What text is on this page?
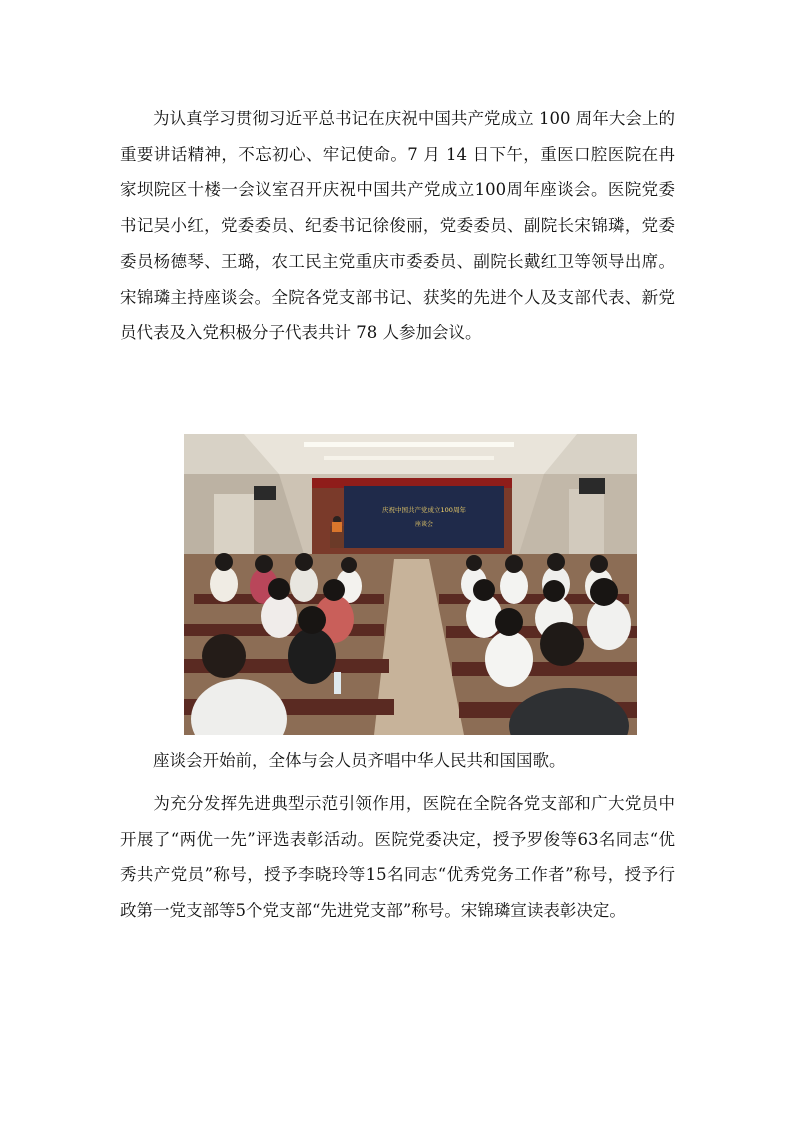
为认真学习贯彻习近平总书记在庆祝中国共产党成立 100 周年大会上的重要讲话精神，不忘初心、牢记使命。7 月 14 日下午，重医口腔医院在冉家坝院区十楼一会议室召开庆祝中国共产党成立100周年座谈会。医院党委书记吴小红，党委委员、纪委书记徐俊丽，党委委员、副院长宋锦璘，党委委员杨德琴、王璐，农工民主党重庆市委委员、副院长戴红卫等领导出席。宋锦璘主持座谈会。全院各党支部书记、获奖的先进个人及支部代表、新党员代表及入党积极分子代表共计 78 人参加会议。

庆祝中国共产党成立100周年
座谈会

座谈会开始前，全体与会人员齐唱中华人民共和国国歌。

为充分发挥先进典型示范引领作用，医院在全院各党支部和广大党员中开展了“两优一先”评选表彰活动。医院党委决定，授予罗俊等63名同志“优秀共产党员”称号，授予李晓玲等15名同志“优秀党务工作者”称号，授予行政第一党支部等5个党支部“先进党支部”称号。宋锦璘宣读表彰决定。
